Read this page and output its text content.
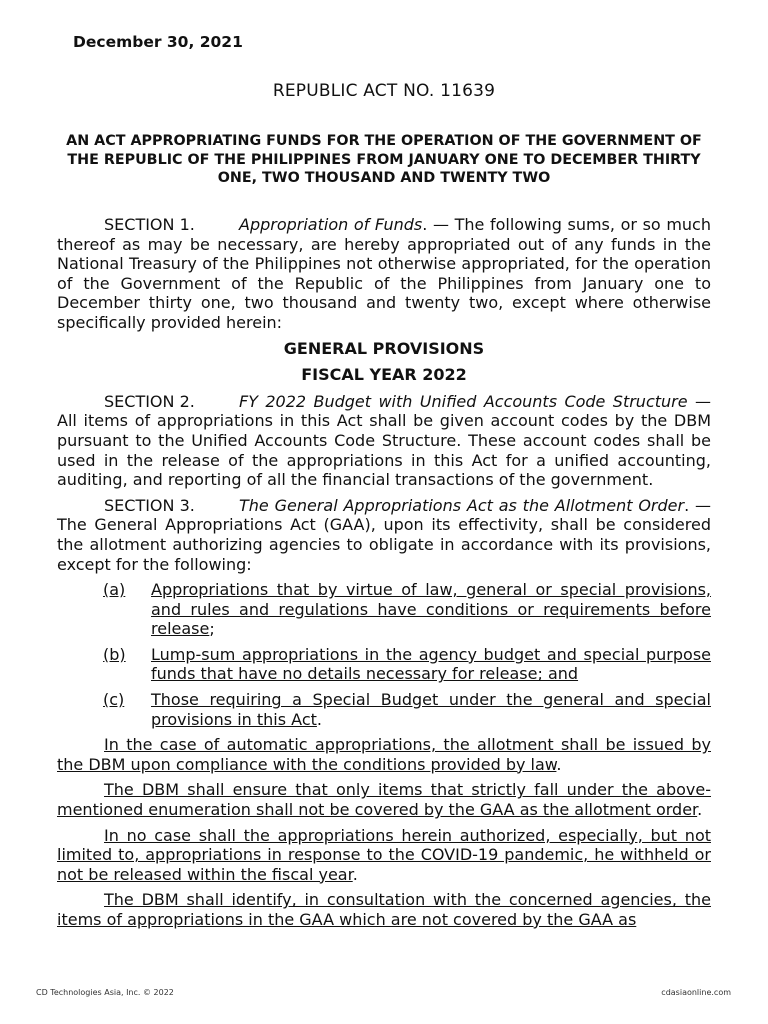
December 30, 2021
REPUBLIC ACT NO. 11639
AN ACT APPROPRIATING FUNDS FOR THE OPERATION OF THE GOVERNMENT OF THE REPUBLIC OF THE PHILIPPINES FROM JANUARY ONE TO DECEMBER THIRTY ONE, TWO THOUSAND AND TWENTY TWO

SECTION 1.	Appropriation of Funds. — The following sums, or so much thereof as may be necessary, are hereby appropriated out of any funds in the National Treasury of the Philippines not otherwise appropriated, for the operation of the Government of the Republic of the Philippines from January one to December thirty one, two thousand and twenty two, except where otherwise specifically provided herein:

GENERAL PROVISIONS
FISCAL YEAR 2022

SECTION 2.	FY 2022 Budget with Unified Accounts Code Structure — All items of appropriations in this Act shall be given account codes by the DBM pursuant to the Unified Accounts Code Structure. These account codes shall be used in the release of the appropriations in this Act for a unified accounting, auditing, and reporting of all the financial transactions of the government.

SECTION 3.	The General Appropriations Act as the Allotment Order. — The General Appropriations Act (GAA), upon its effectivity, shall be considered the allotment authorizing agencies to obligate in accordance with its provisions, except for the following:

(a) Appropriations that by virtue of law, general or special provisions, and rules and regulations have conditions or requirements before release;
(b) Lump-sum appropriations in the agency budget and special purpose funds that have no details necessary for release; and
(c) Those requiring a Special Budget under the general and special provisions in this Act.

In the case of automatic appropriations, the allotment shall be issued by the DBM upon compliance with the conditions provided by law.

The DBM shall ensure that only items that strictly fall under the above-mentioned enumeration shall not be covered by the GAA as the allotment order.

In no case shall the appropriations herein authorized, especially, but not limited to, appropriations in response to the COVID-19 pandemic, he withheld or not be released within the fiscal year.

The DBM shall identify, in consultation with the concerned agencies, the items of appropriations in the GAA which are not covered by the GAA as

CD Technologies Asia, Inc. © 2022	cdasiaonline.com
